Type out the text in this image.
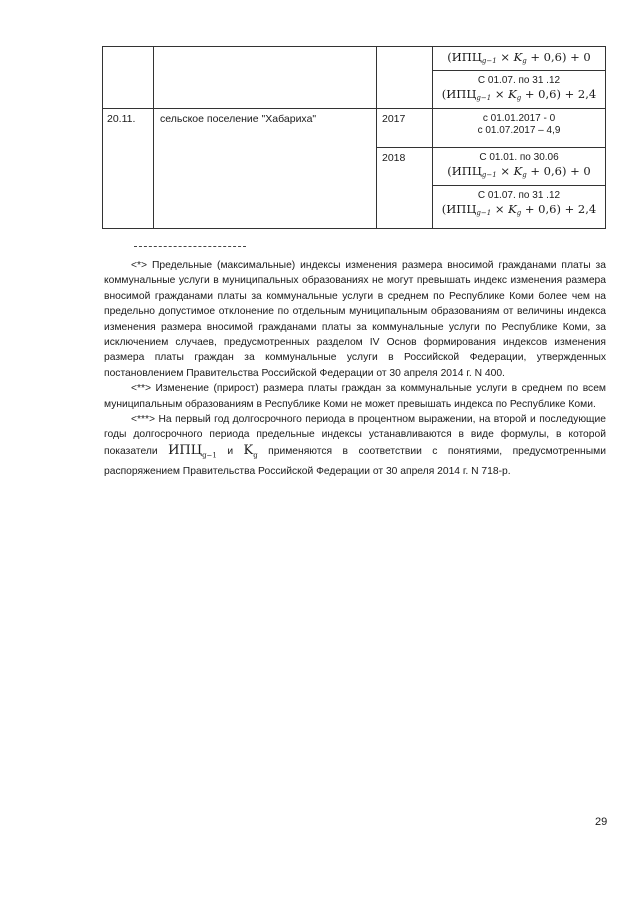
			$(ИПЦ_{g-1} \times K_g + 0,6) + 0$

			С 01.07. по 31 .12
$(ИПЦ_{g-1} \times K_g + 0,6) + 2,4$

20.11.	сельское поселение "Хабариха"	2017	с 01.01.2017 - 0
с 01.07.2017 – 4,9

		2018	С 01.01. по 30.06
$(ИПЦ_{g-1} \times K_g + 0,6) + 0$

			С 01.07. по 31 .12
$(ИПЦ_{g-1} \times K_g + 0,6) + 2,4$

<*> Предельные (максимальные) индексы изменения размера вносимой гражданами платы за коммунальные услуги в муниципальных образованиях не могут превышать индекс изменения размера вносимой гражданами платы за коммунальные услуги в среднем по Республике Коми более чем на предельно допустимое отклонение по отдельным муниципальным образованиям от величины индекса изменения размера вносимой гражданами платы за коммунальные услуги по Республике Коми, за исключением случаев, предусмотренных разделом IV Основ формирования индексов изменения размера платы граждан за коммунальные услуги в Российской Федерации, утвержденных постановлением Правительства Российской Федерации от 30 апреля 2014 г. N 400.

<**> Изменение (прирост) размера платы граждан за коммунальные услуги в среднем по всем муниципальным образованиям в Республике Коми не может превышать индекса по Республике Коми.

<***> На первый год долгосрочного периода в процентном выражении, на второй и последующие годы долгосрочного периода предельные индексы устанавливаются в виде формулы, в которой показатели $ИПЦ_{g-1}$ и $K_g$ применяются в соответствии с понятиями, предусмотренными распоряжением Правительства Российской Федерации от 30 апреля 2014 г. N 718-р.

29
